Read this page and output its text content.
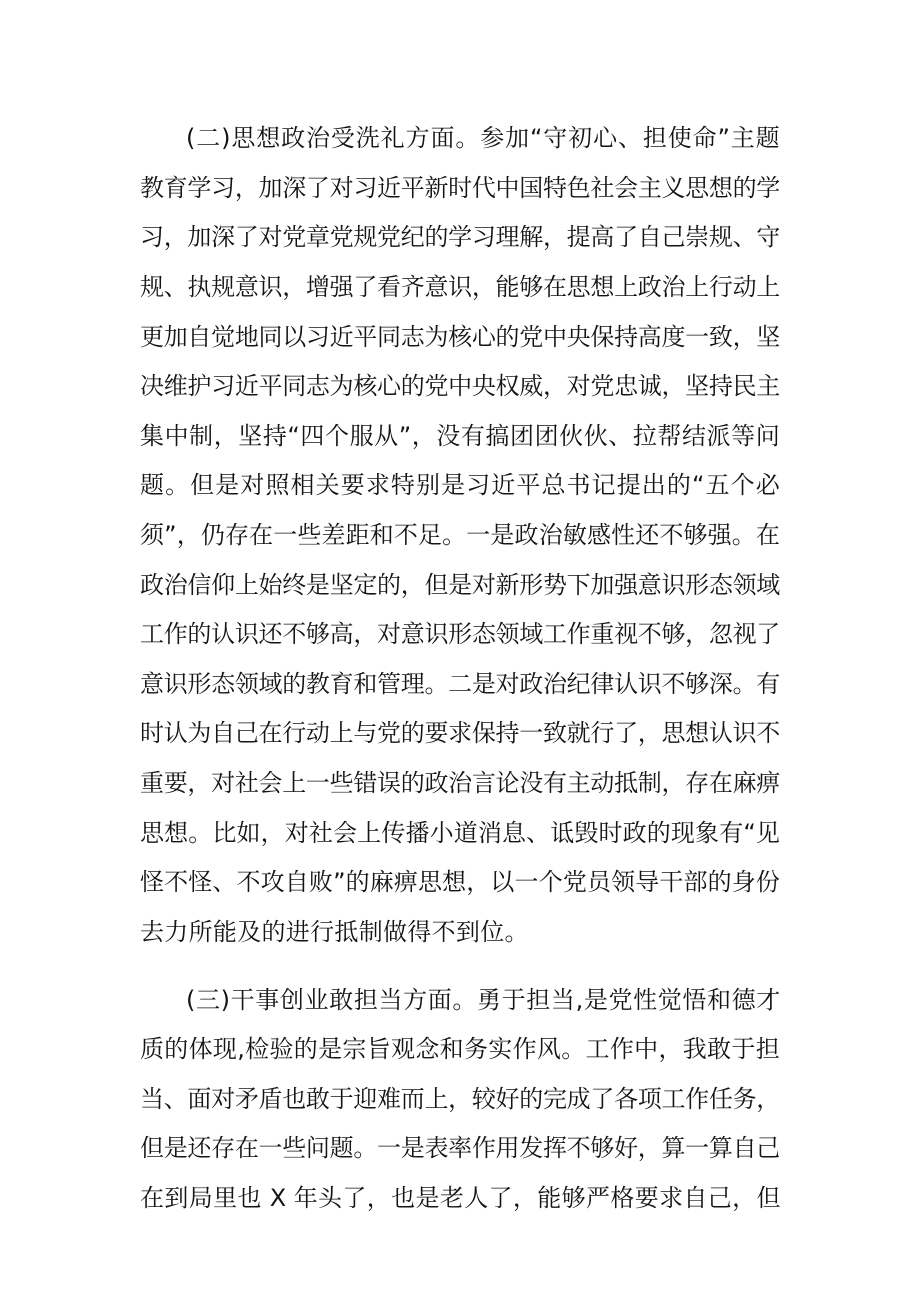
(二)思想政治受洗礼方面。参加“守初心、担使命”主题
教育学习，加深了对习近平新时代中国特色社会主义思想的学
习，加深了对党章党规党纪的学习理解，提高了自己崇规、守
规、执规意识，增强了看齐意识，能够在思想上政治上行动上
更加自觉地同以习近平同志为核心的党中央保持高度一致，坚
决维护习近平同志为核心的党中央权威，对党忠诚，坚持民主
集中制，坚持“四个服从”，没有搞团团伙伙、拉帮结派等问
题。但是对照相关要求特别是习近平总书记提出的“五个必
须”，仍存在一些差距和不足。一是政治敏感性还不够强。在
政治信仰上始终是坚定的，但是对新形势下加强意识形态领域
工作的认识还不够高，对意识形态领域工作重视不够，忽视了
意识形态领域的教育和管理。二是对政治纪律认识不够深。有
时认为自己在行动上与党的要求保持一致就行了，思想认识不
重要，对社会上一些错误的政治言论没有主动抵制，存在麻痹
思想。比如，对社会上传播小道消息、诋毁时政的现象有“见
怪不怪、不攻自败”的麻痹思想，以一个党员领导干部的身份
去力所能及的进行抵制做得不到位。
(三)干事创业敢担当方面。勇于担当,是党性觉悟和德才
质的体现,检验的是宗旨观念和务实作风。工作中，我敢于担
当、面对矛盾也敢于迎难而上，较好的完成了各项工作任务，
但是还存在一些问题。一是表率作用发挥不够好，算一算自己
在到局里也 X 年头了，也是老人了，能够严格要求自己，但
